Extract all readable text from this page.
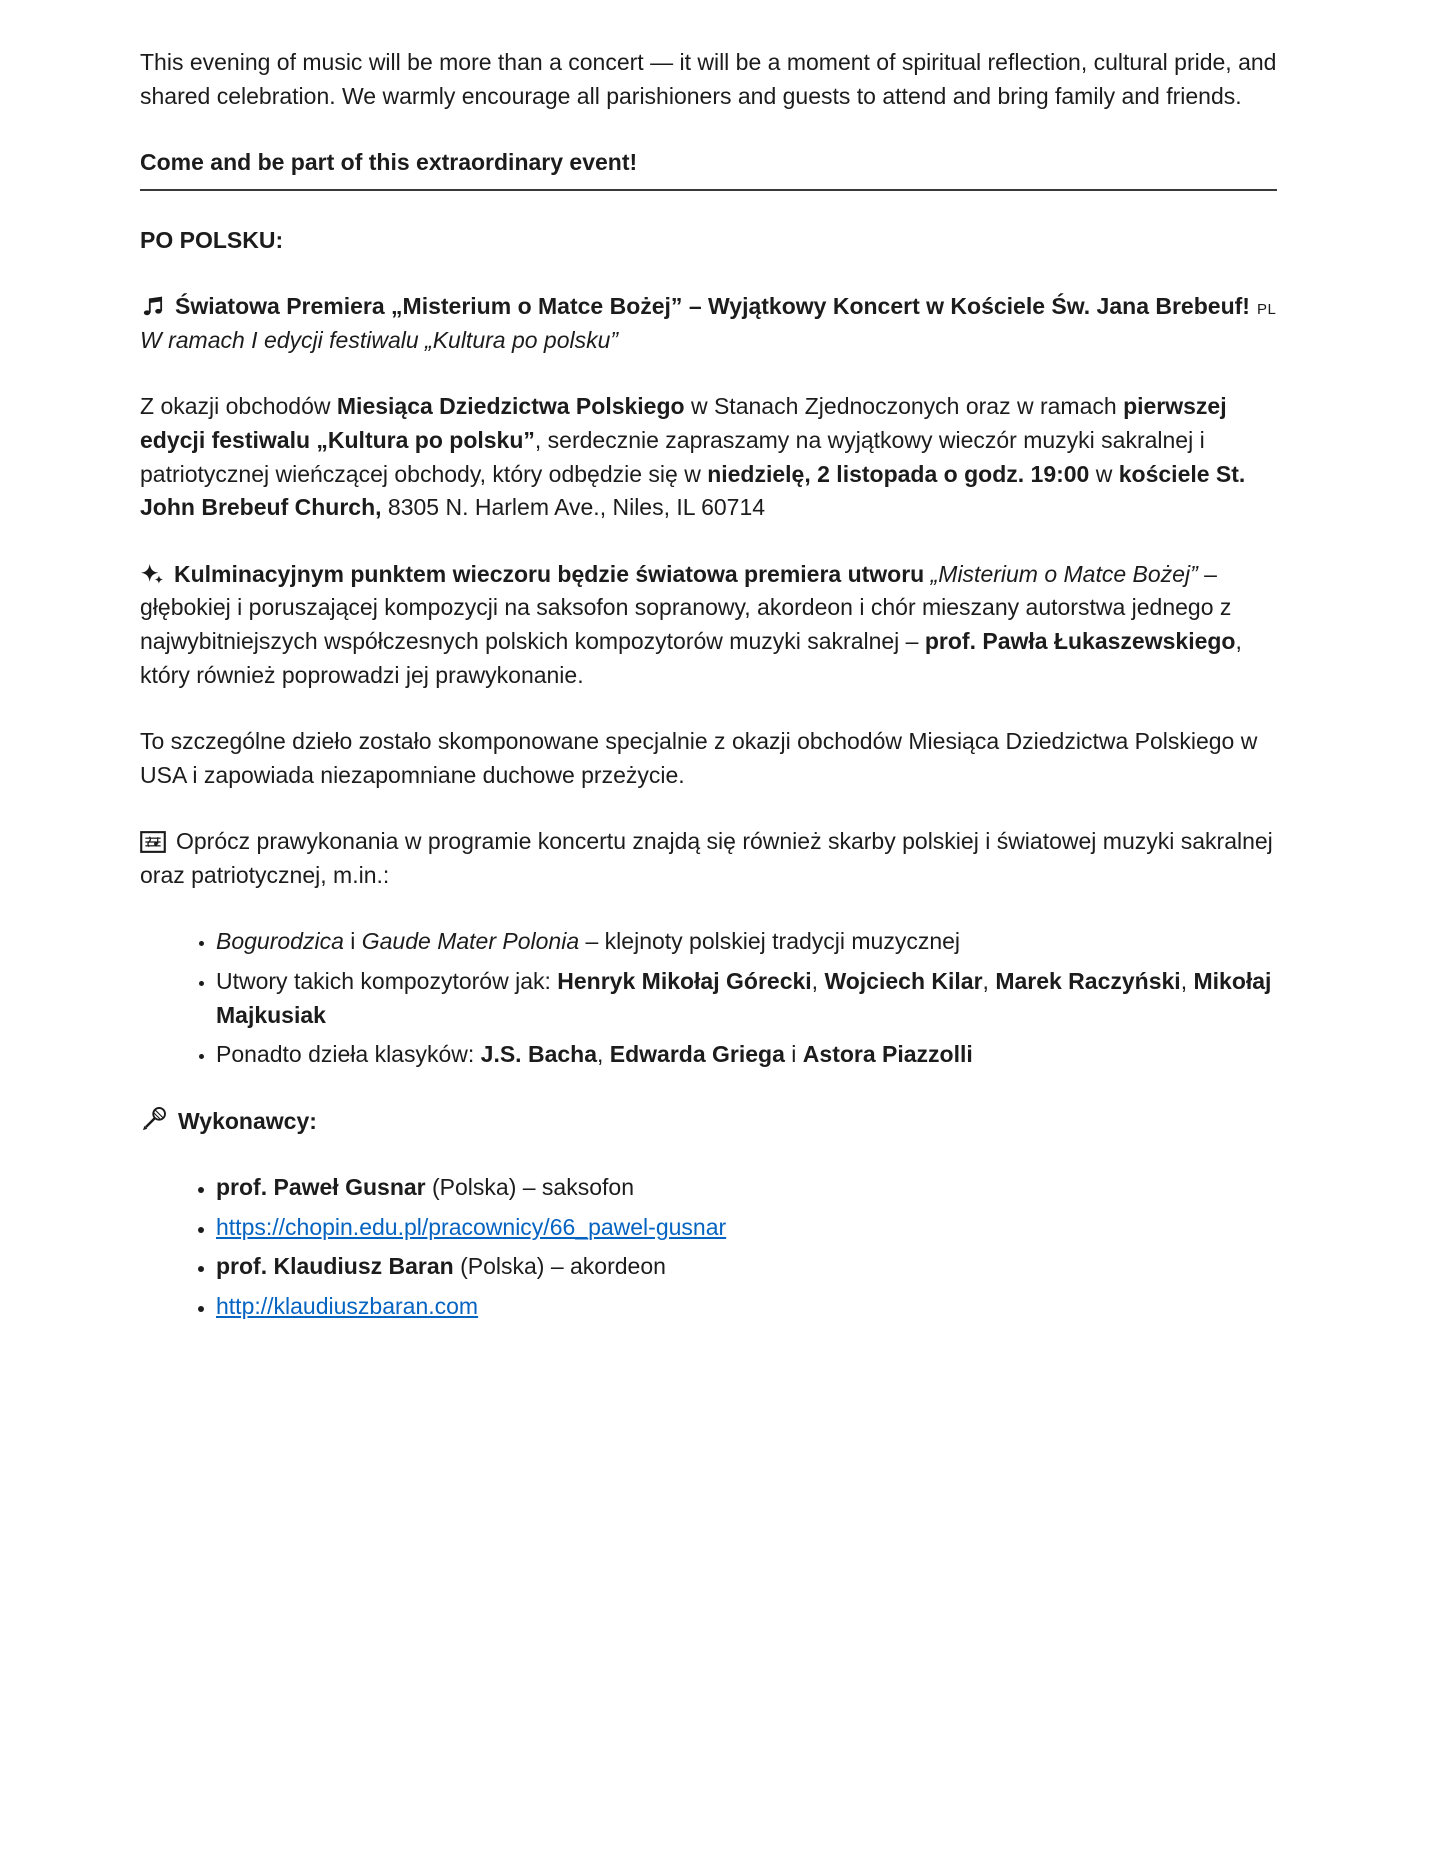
This evening of music will be more than a concert — it will be a moment of spiritual reflection, cultural pride, and shared celebration. We warmly encourage all parishioners and guests to attend and bring family and friends.

Come and be part of this extraordinary event!

PO POLSKU:

Światowa Premiera „Misterium o Matce Bożej” – Wyjątkowy Koncert w Kościele Św. Jana Brebeuf! PL
W ramach I edycji festiwalu „Kultura po polsku”

Z okazji obchodów Miesiąca Dziedzictwa Polskiego w Stanach Zjednoczonych oraz w ramach pierwszej edycji festiwalu „Kultura po polsku”, serdecznie zapraszamy na wyjątkowy wieczór muzyki sakralnej i patriotycznej wieńczącej obchody, który odbędzie się w niedzielę, 2 listopada o godz. 19:00 w kościele St. John Brebeuf Church, 8305 N. Harlem Ave., Niles, IL 60714

Kulminacyjnym punktem wieczoru będzie światowa premiera utworu „Misterium o Matce Bożej” – głębokiej i poruszającej kompozycji na saksofon sopranowy, akordeon i chór mieszany autorstwa jednego z najwybitniejszych współczesnych polskich kompozytorów muzyki sakralnej – prof. Pawła Łukaszewskiego, który również poprowadzi jej prawykonanie.

To szczególne dzieło zostało skomponowane specjalnie z okazji obchodów Miesiąca Dziedzictwa Polskiego w USA i zapowiada niezapomniane duchowe przeżycie.

Oprócz prawykonania w programie koncertu znajdą się również skarby polskiej i światowej muzyki sakralnej oraz patriotycznej, m.in.:

• Bogurodzica i Gaude Mater Polonia – klejnoty polskiej tradycji muzycznej
• Utwory takich kompozytorów jak: Henryk Mikołaj Górecki, Wojciech Kilar, Marek Raczyński, Mikołaj Majkusiak
• Ponadto dzieła klasyków: J.S. Bacha, Edwarda Griega i Astora Piazzolli

Wykonawcy:

• prof. Paweł Gusnar (Polska) – saksofon
• https://chopin.edu.pl/pracownicy/66_pawel-gusnar
• prof. Klaudiusz Baran (Polska) – akordeon
• http://klaudiuszbaran.com
